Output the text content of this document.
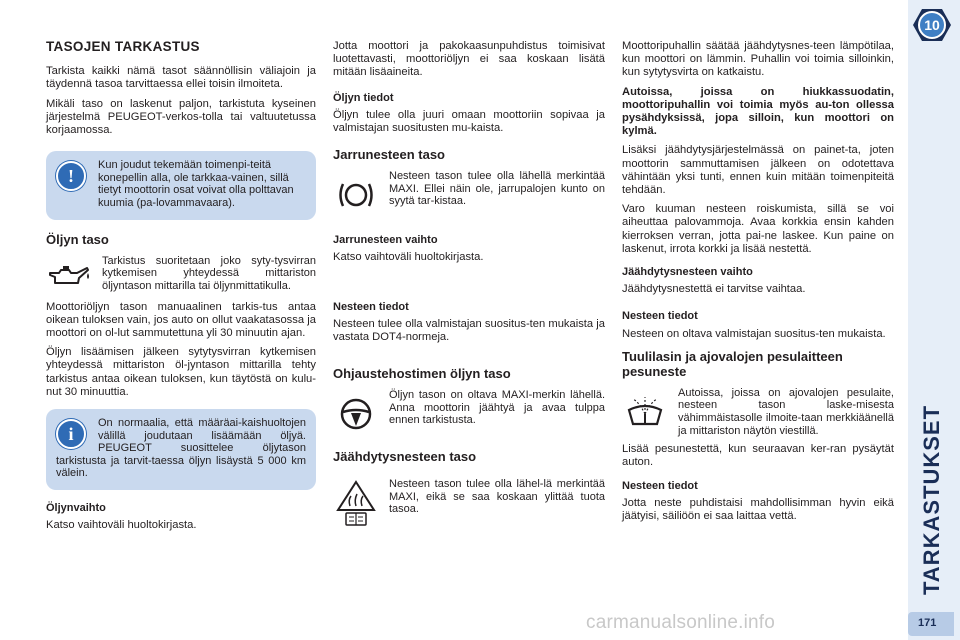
TASOJEN TARKASTUS

Tarkista kaikki nämä tasot säännöllisin väliajoin ja täydennä tasoa tarvittaessa ellei toisin ilmoiteta.

Mikäli taso on laskenut paljon, tarkistuta kyseinen järjestelmä PEUGEOT-verkos-tolla tai valtuutetussa korjaamossa.

!
Kun joudut tekemään toimenpi-teitä konepellin alla, ole tarkkaa-vainen, sillä tietyt moottorin osat voivat olla polttavan kuumia (pa-lovammavaara).
Öljyn taso
Tarkistus suoritetaan joko syty-tysvirran kytkemisen yhteydessä mittariston öljyntason mittarilla tai öljynmittatikulla.

Moottoriöljyn tason manuaalinen tarkis-tus antaa oikean tuloksen vain, jos auto on ollut vaakatasossa ja moottori on ol-lut sammutettuna yli 30 minuutin ajan.

Öljyn lisäämisen jälkeen sytytysvirran kytkemisen yhteydessä mittariston öl-jyntason mittarilla tehty tarkistus antaa oikean tuloksen, kun täytöstä on kulu-nut 30 minuuttia.

i
On normaalia, että määräai-kaishuoltojen välillä joudutaan lisäämään öljyä. PEUGEOT suosittelee öljytason tarkistusta ja tarvit-taessa öljyn lisäystä 5 000 km välein.
Öljynvaihto

Katso vaihtoväli huoltokirjasta.

Jotta moottori ja pakokaasunpuhdistus toimisivat luotettavasti, moottoriöljyn ei saa koskaan lisätä mitään lisäaineita.

Öljyn tiedot

Öljyn tulee olla juuri omaan moottoriin sopivaa ja valmistajan suositusten mu-kaista.

Jarrunesteen taso
Nesteen tason tulee olla lähellä merkintää MAXI. Ellei näin ole, jarrupalojen kunto on syytä tar-kistaa.
Jarrunesteen vaihto

Katso vaihtoväli huoltokirjasta.

Nesteen tiedot

Nesteen tulee olla valmistajan suositus-ten mukaista ja vastata DOT4-normeja.

Ohjaustehostimen öljyn taso
Öljyn tason on oltava MAXI-merkin lähellä. Anna moottorin jäähtyä ja avaa tulppa ennen tarkistusta.
Jäähdytysnesteen taso
Nesteen tason tulee olla lähel-lä merkintää MAXI, eikä se saa koskaan ylittää tuota tasoa.

Moottoripuhallin säätää jäähdytysnes-teen lämpötilaa, kun moottori on lämmin. Puhallin voi toimia silloinkin, kun sytytysvirta on katkaistu.

Autoissa, joissa on hiukkassuodatin, moottoripuhallin voi toimia myös au-ton ollessa pysähdyksissä, jopa silloin, kun moottori on kylmä.

Lisäksi jäähdytysjärjestelmässä on painet-ta, joten moottorin sammuttamisen jälkeen on odotettava vähintään yksi tunti, ennen kuin mitään toimenpiteitä tehdään.

Varo kuuman nesteen roiskumista, sillä se voi aiheuttaa palovammoja. Avaa korkkia ensin kahden kierroksen verran, jotta pai-ne laskee. Kun paine on laskenut, irrota korkki ja lisää nestettä.

Jäähdytysnesteen vaihto

Jäähdytysnestettä ei tarvitse vaihtaa.

Nesteen tiedot

Nesteen on oltava valmistajan suositus-ten mukaista.

Tuulilasin ja ajovalojen pesulaitteen pesuneste
Autoissa, joissa on ajovalojen pesulaite, nesteen tason laske-misesta vähimmäistasolle ilmoite-taan merkkiäänellä ja mittariston näytön viestillä.

Lisää pesunestettä, kun seuraavan ker-ran pysäytät auton.

Nesteen tiedot

Jotta neste puhdistaisi mahdollisimman hyvin eikä jäätyisi, säiliöön ei saa laittaa vettä.

10
TARKASTUKSET
171
carmanualsonline.info
